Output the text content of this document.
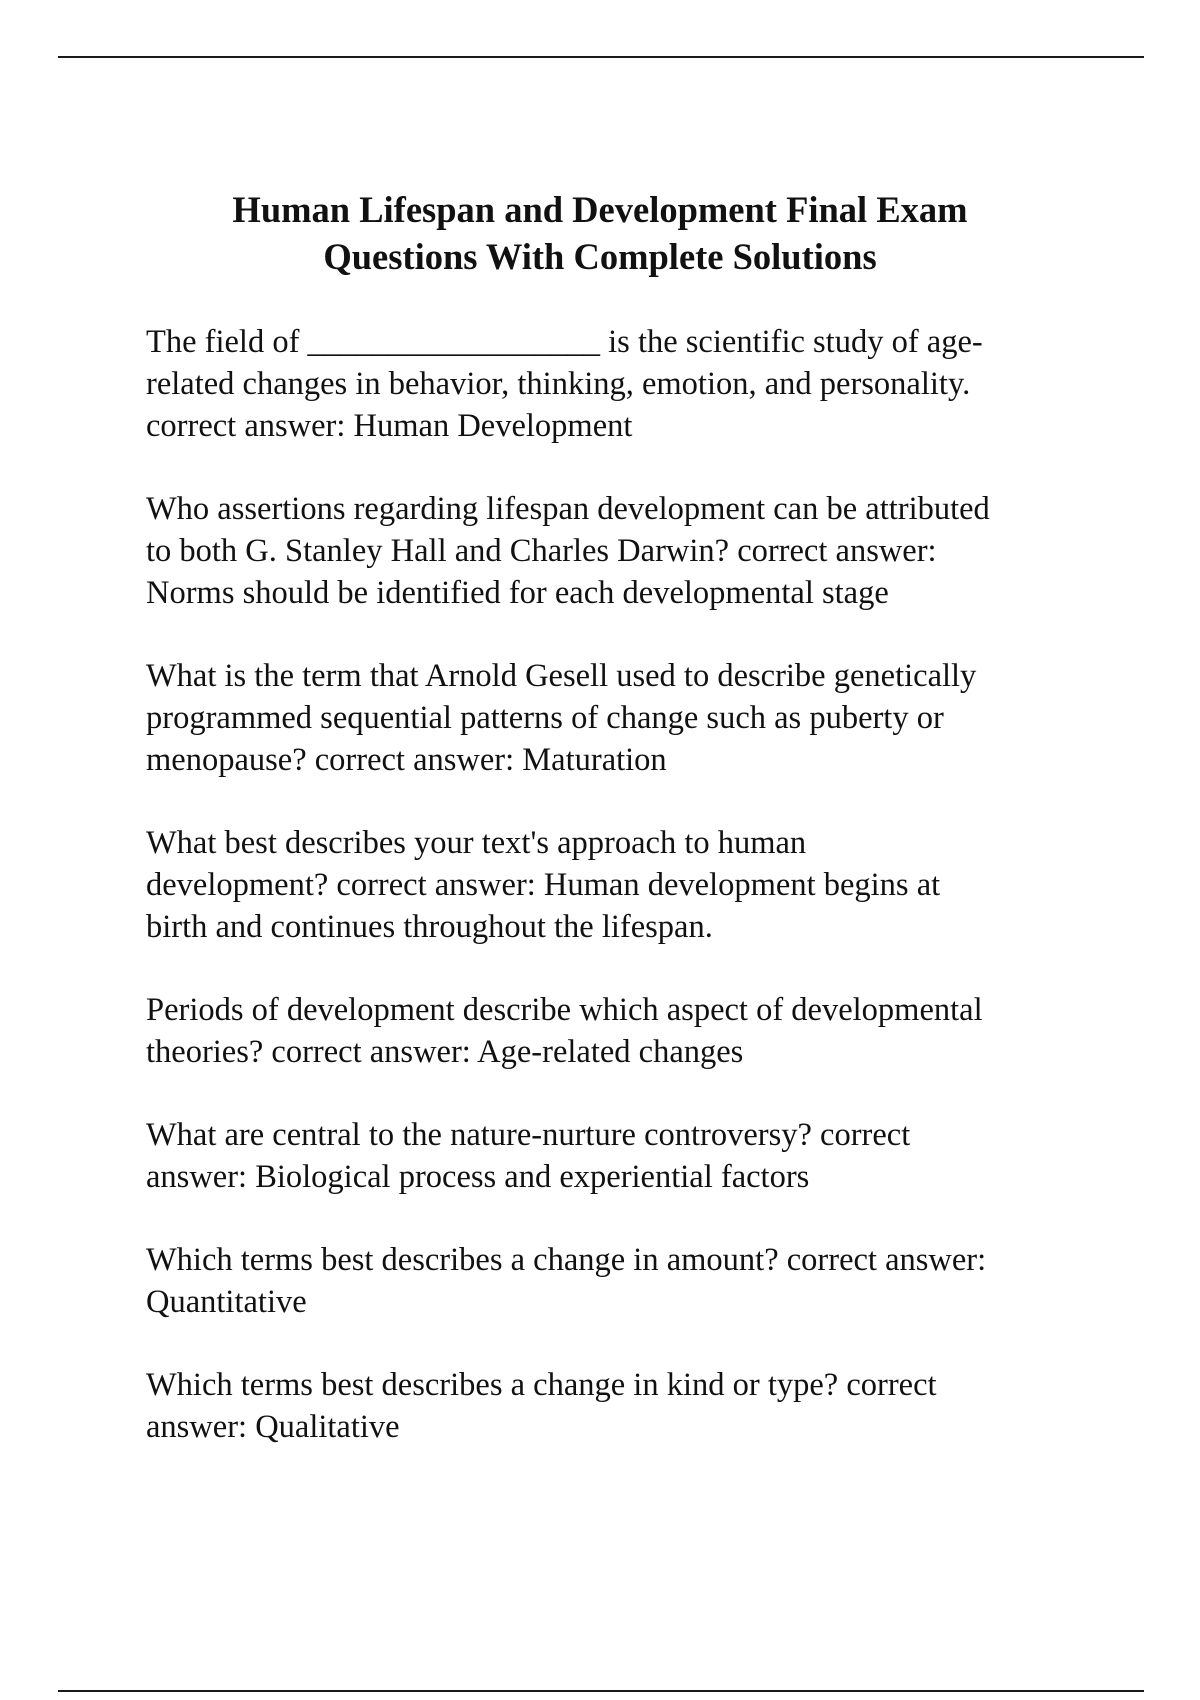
Human Lifespan and Development Final Exam
Questions With Complete Solutions

The field of __________________ is the scientific study of age-
related changes in behavior, thinking, emotion, and personality.
correct answer: Human Development

Who assertions regarding lifespan development can be attributed
to both G. Stanley Hall and Charles Darwin? correct answer:
Norms should be identified for each developmental stage

What is the term that Arnold Gesell used to describe genetically
programmed sequential patterns of change such as puberty or
menopause? correct answer: Maturation

What best describes your text's approach to human
development? correct answer: Human development begins at
birth and continues throughout the lifespan.

Periods of development describe which aspect of developmental
theories? correct answer: Age-related changes

What are central to the nature-nurture controversy? correct
answer: Biological process and experiential factors

Which terms best describes a change in amount? correct answer:
Quantitative

Which terms best describes a change in kind or type? correct
answer: Qualitative
